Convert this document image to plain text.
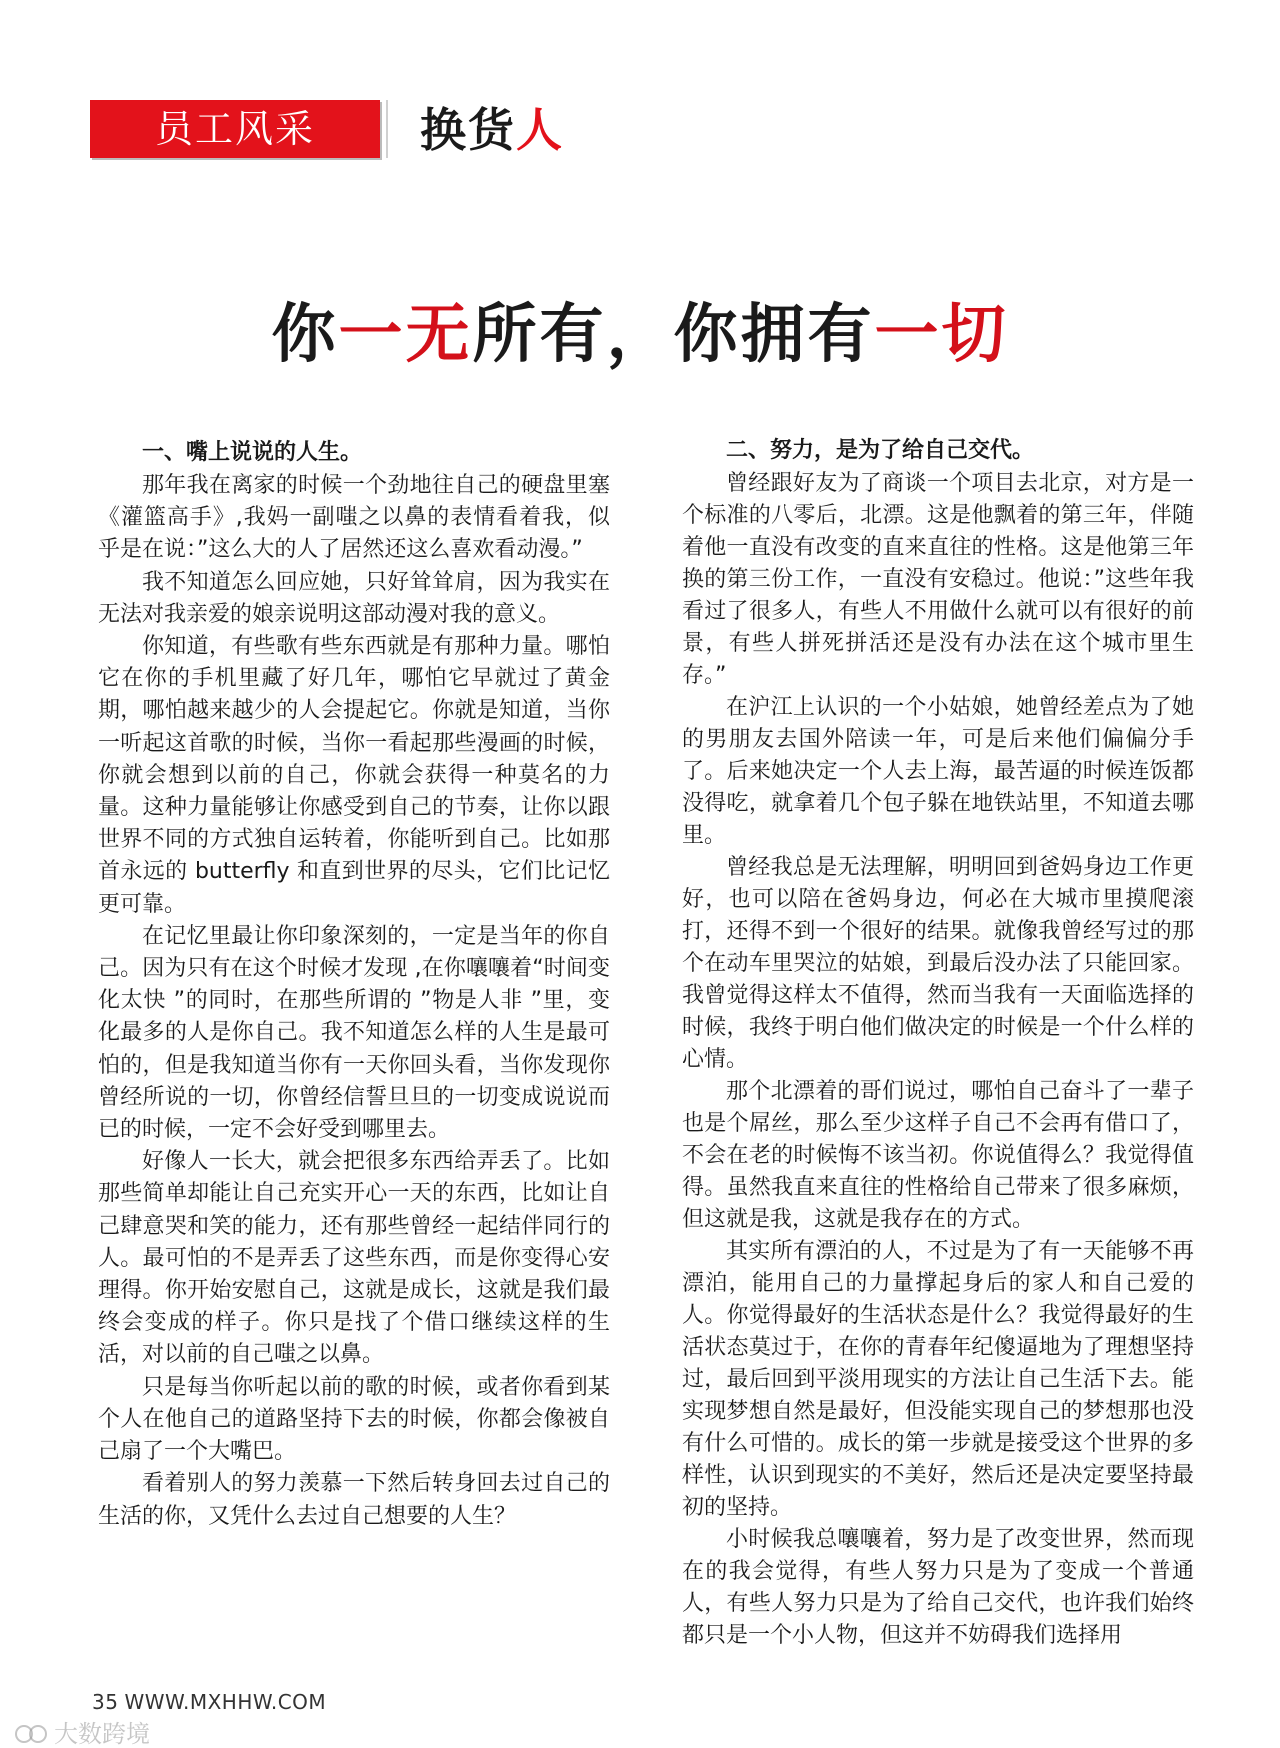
员工风采	换货人
你一无所有，你拥有一切
一、嘴上说说的人生。

那年我在离家的时候一个劲地往自己的硬盘里塞《灌篮高手》,我妈一副嗤之以鼻的表情看着我，似乎是在说：”这么大的人了居然还这么喜欢看动漫。”

我不知道怎么回应她，只好耸耸肩，因为我实在无法对我亲爱的娘亲说明这部动漫对我的意义。

你知道，有些歌有些东西就是有那种力量。哪怕它在你的手机里藏了好几年，哪怕它早就过了黄金期，哪怕越来越少的人会提起它。你就是知道，当你一听起这首歌的时候，当你一看起那些漫画的时候，你就会想到以前的自己，你就会获得一种莫名的力量。这种力量能够让你感受到自己的节奏，让你以跟世界不同的方式独自运转着，你能听到自己。比如那首永远的 butterfly 和直到世界的尽头，它们比记忆更可靠。

在记忆里最让你印象深刻的，一定是当年的你自己。因为只有在这个时候才发现 ,在你嚷嚷着“时间变化太快 ”的同时，在那些所谓的 ”物是人非 ”里，变化最多的人是你自己。我不知道怎么样的人生是最可怕的，但是我知道当你有一天你回头看，当你发现你曾经所说的一切，你曾经信誓旦旦的一切变成说说而已的时候，一定不会好受到哪里去。

好像人一长大，就会把很多东西给弄丢了。比如那些简单却能让自己充实开心一天的东西，比如让自己肆意哭和笑的能力，还有那些曾经一起结伴同行的人。最可怕的不是弄丢了这些东西，而是你变得心安理得。你开始安慰自己，这就是成长，这就是我们最终会变成的样子。你只是找了个借口继续这样的生活，对以前的自己嗤之以鼻。

只是每当你听起以前的歌的时候，或者你看到某个人在他自己的道路坚持下去的时候，你都会像被自己扇了一个大嘴巴。

看着别人的努力羡慕一下然后转身回去过自己的生活的你，又凭什么去过自己想要的人生？

二、努力，是为了给自己交代。

曾经跟好友为了商谈一个项目去北京，对方是一个标准的八零后，北漂。这是他飘着的第三年，伴随着他一直没有改变的直来直往的性格。这是他第三年换的第三份工作，一直没有安稳过。他说：”这些年我看过了很多人，有些人不用做什么就可以有很好的前景，有些人拼死拼活还是没有办法在这个城市里生存。”

在沪江上认识的一个小姑娘，她曾经差点为了她的男朋友去国外陪读一年，可是后来他们偏偏分手了。后来她决定一个人去上海，最苦逼的时候连饭都没得吃，就拿着几个包子躲在地铁站里，不知道去哪里。

曾经我总是无法理解，明明回到爸妈身边工作更好，也可以陪在爸妈身边，何必在大城市里摸爬滚打，还得不到一个很好的结果。就像我曾经写过的那个在动车里哭泣的姑娘，到最后没办法了只能回家。我曾觉得这样太不值得，然而当我有一天面临选择的时候，我终于明白他们做决定的时候是一个什么样的心情。

那个北漂着的哥们说过，哪怕自己奋斗了一辈子也是个屌丝，那么至少这样子自己不会再有借口了，不会在老的时候悔不该当初。你说值得么？我觉得值得。虽然我直来直往的性格给自己带来了很多麻烦，但这就是我，这就是我存在的方式。

其实所有漂泊的人，不过是为了有一天能够不再漂泊，能用自己的力量撑起身后的家人和自己爱的人。你觉得最好的生活状态是什么？我觉得最好的生活状态莫过于，在你的青春年纪傻逼地为了理想坚持过，最后回到平淡用现实的方法让自己生活下去。能实现梦想自然是最好，但没能实现自己的梦想那也没有什么可惜的。成长的第一步就是接受这个世界的多样性，认识到现实的不美好，然后还是决定要坚持最初的坚持。

小时候我总嚷嚷着，努力是了改变世界，然而现在的我会觉得，有些人努力只是为了变成一个普通人，有些人努力只是为了给自己交代，也许我们始终都只是一个小人物，但这并不妨碍我们选择用

35 WWW.MXHHW.COM
大数跨境
